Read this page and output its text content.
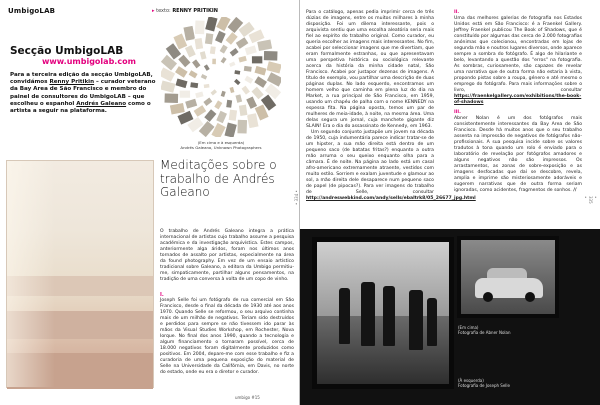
UmbigoLAB	▸ texto: RENNY PRITIKIN
Secção UmbigoLAB
www.umbigolab.com
Para a terceira edição da secção UmbigoLAB, convidámos Renny Pritikin – curador veterano da Bay Area de São Francisco e membro do painel de consultores do UmbigoLAB – que escolheu o espanhol Andrés Galeano como o artista a seguir na plataforma.
(Em cima e à esquerda)
Andrés Galeano, Unknown Photographers
Meditações sobre o trabalho de Andrés Galeano
O trabalho de Andrés Galeano integra a prática internacional de artistas cujo trabalho assume a pesquisa académica e da investigação arquivística. Estes campos, anteriormente alga áridos, foram nos últimos anos tornados de assalto por artistas, especialmente na área da found photography. Em vez de um ensaio artístico tradicional sobre Galeano, a editora da Umbigo permitiu-me, simpaticamente, partilhar alguns pensamentos, na tradição de uma conversa à volta de um copo de vinho.
I.
Joseph Selle foi um fotógrafo de rua comercial em São Francisco, desde o final da década de 1930 até aos anos 1970. Quando Selle se reformou, o seu arquivo continha mais de um milhão de negativos. Teriam sido destruídos e perdidos para sempre se não tivessem ido parar às mãos da Visual Studies Workshop, em Rochester, Nova Iorque. No final dos anos 1990, quando a tecnologia e algum financiamento o tornaram possível, cerca de 18.000 negativos foram digitalmente produzidos como positivos. Em 2004, depare-me com esse trabalho e fiz a curadoria de uma pequena exposição do material de Selle na Universidade da Califórnia, em Davis, no norte do estado, onde eu era o diretor e curador.
umbigo #15
• 334 •
Para o catálogo, apenas pedia imprimir cerca de três dúzias de imagens, entre os muitos milhares à minha disposição. Foi um dilema interessante, pois o arquivista sentiu que uma escolha aleatória seria mais fiel ao espírito do trabalho original. Como curador, eu queria escolher as imagens mais interessantes. No fim, acabei por seleccionar imagens que me divertiam, que eram formalmente estranhas, ou que apresentavam uma perspetiva histórica ou sociológica relevante acerca da história da minha cidade natal, São Francisco. Acabei por justapor dezenas de imagens. A título de exemplo, vou partilhar uma descrição de duas páginas duplas. No lado esquerdo, encontramos um homem velho que caminha em plena luz do dia na Market, a rua principal de São Francisco, em 1959, usando um chapéu de palha com o nome KENNEDY na espessa fita. Na página oposta, temos um par de mulheres de meia-idade, à noite, na mesma área. Uma delas segura um jornal, cuja manchete gigante diz SLAIN! Era o dia do assassinato de Kennedy, em 1963.
Um segundo conjunto justapõe um jovem na década de 1950, cuja indumentária parece indicar tratar-se de um hipster, a sua mão direita está dentro de um pequeno saco (de batatas fritas?) enquanto a outra mão arruma o seu queixo enquanto olha para a câmara. É de noite. Na página ao lado está um casal afro-americano extremamente atraente, vestidos com muito estilo. Sorriem e exalam juventude e glamour ao sol, a mão direita dele desaparece num pequeno saco de papel (de pipocas?). Para ver imagens do trabalho de Selle, consultar http://andreswebkind.com/andy/sells/ebaltrk8/05_26677_jpg.html
II.
Uma das melhores galerias de fotografia nos Estados Unidos está em São Francisco: é a Fraenkel Gallery. Jeffrey Fraenkel publicou The Book of Shadows, que é constituído por algumas das cerca de 2.000 fotografias anónimas que colecionou, encontradas em lojas de segunda mão e noutros lugares diversos, onde aparece sempre a sombra do fotógrafo. É algo de hilariante e belo, levantando a questão dos "erros" na fotografia. As sombras, curiosamente, são capazes de revelar uma narrativa que de outra forma não estaria à vista, propondo pistas sobre a roupa, género e até mesmo o emprego do fotógrafo. Para mais informações sobre o livro, consultar https://fraenkelgallery.com/exhibitions/the-book-of-shadows
III.
Abner Nolan é um dos fotógrafos mais consistentemente interessantes da Bay Area de São Francisco. Desde há muitos anos que o seu trabalho assenta na impressão de negativos de fotógrafos não-profissionais. A sua pesquisa incide sobre os valores tradutos à tona quando um rolo é enviado para o laboratório de revelação por fotógrafos amadores e alguns negativos não são impressos. Os arrastamentos, as zonas de sobre-exposição e as imagens desfocadas que daí se descobre, revela, amplia e imprime são misteriosamente adoráveis e sugerem narrativas que de outra forma seriam ignoradas, como acidentes, fragmentos de sonhos. //
• 335 •
(Em cima)
Fotografia de Abner Nolan
(À esquerda)
Fotografia de Joseph Selle
